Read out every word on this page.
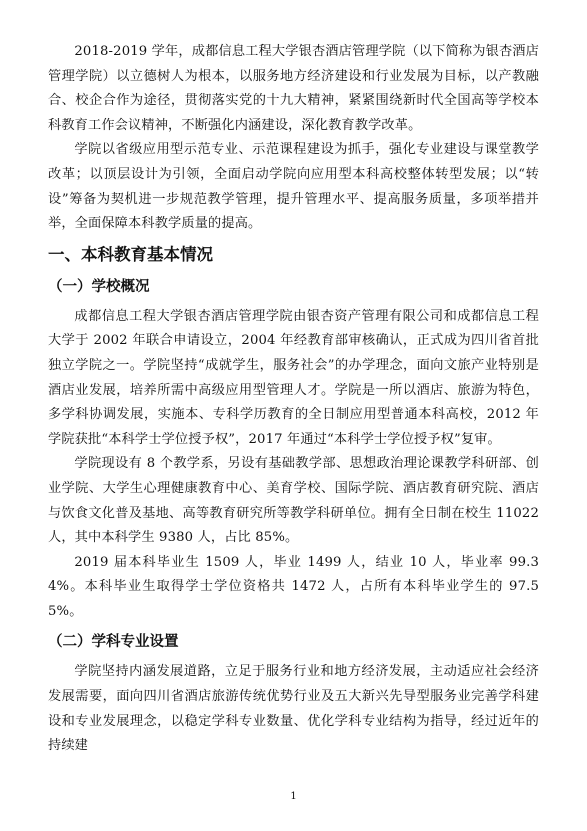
2018-2019 学年，成都信息工程大学银杏酒店管理学院（以下简称为银杏酒店管理学院）以立德树人为根本，以服务地方经济建设和行业发展为目标，以产教融合、校企合作为途径，贯彻落实党的十九大精神，紧紧围绕新时代全国高等学校本科教育工作会议精神，不断强化内涵建设，深化教育教学改革。

学院以省级应用型示范专业、示范课程建设为抓手，强化专业建设与课堂教学改革；以顶层设计为引领，全面启动学院向应用型本科高校整体转型发展；以“转设”筹备为契机进一步规范教学管理，提升管理水平、提高服务质量，多项举措并举，全面保障本科教学质量的提高。

一、本科教育基本情况
（一）学校概况

成都信息工程大学银杏酒店管理学院由银杏资产管理有限公司和成都信息工程大学于 2002 年联合申请设立，2004 年经教育部审核确认，正式成为四川省首批独立学院之一。学院坚持“成就学生，服务社会”的办学理念，面向文旅产业特别是酒店业发展，培养所需中高级应用型管理人才。学院是一所以酒店、旅游为特色，多学科协调发展，实施本、专科学历教育的全日制应用型普通本科高校，2012 年学院获批“本科学士学位授予权”，2017 年通过“本科学士学位授予权”复审。

学院现设有 8 个教学系，另设有基础教学部、思想政治理论课教学科研部、创业学院、大学生心理健康教育中心、美育学校、国际学院、酒店教育研究院、酒店与饮食文化普及基地、高等教育研究所等教学科研单位。拥有全日制在校生 11022 人，其中本科学生 9380 人，占比 85%。

2019 届本科毕业生 1509 人，毕业 1499 人，结业 10 人，毕业率 99.34%。本科毕业生取得学士学位资格共 1472 人，占所有本科毕业学生的 97.55%。

（二）学科专业设置

学院坚持内涵发展道路，立足于服务行业和地方经济发展，主动适应社会经济发展需要，面向四川省酒店旅游传统优势行业及五大新兴先导型服务业完善学科建设和专业发展理念，以稳定学科专业数量、优化学科专业结构为指导，经过近年的持续建

1
